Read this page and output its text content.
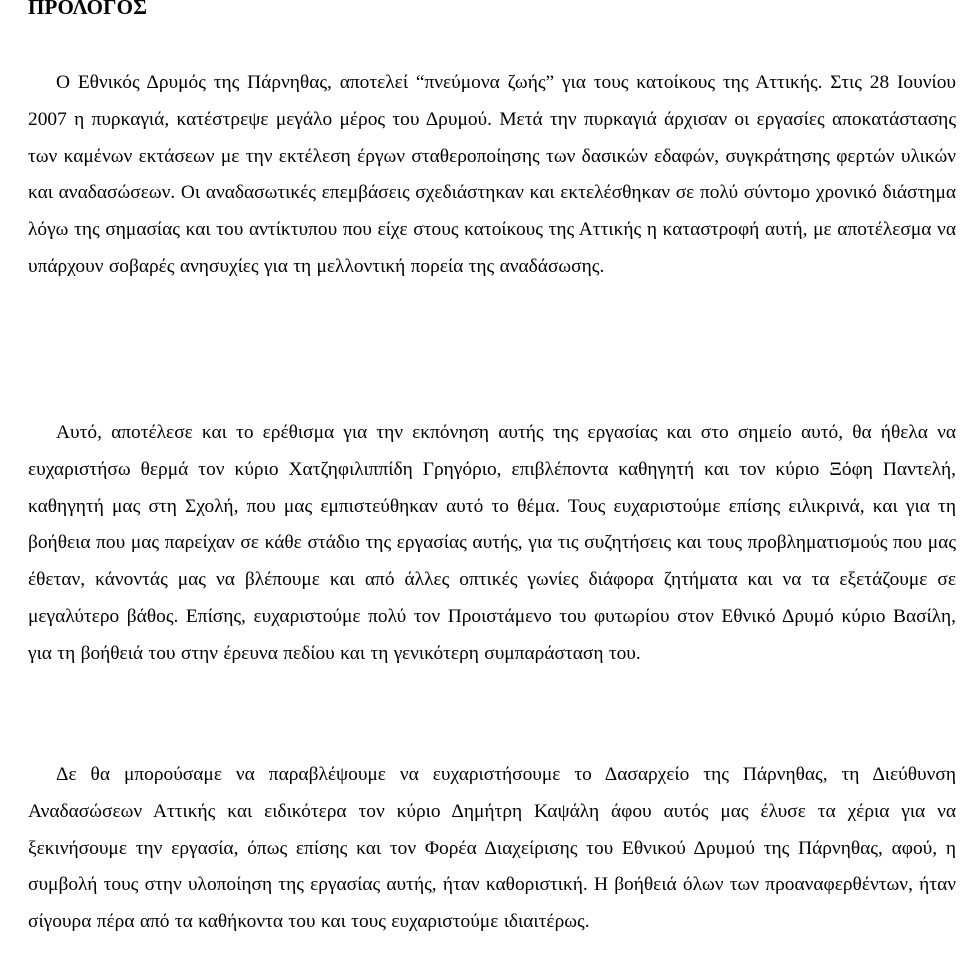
ΠΡΟΛΟΓΟΣ

Ο Εθνικός Δρυμός της Πάρνηθας, αποτελεί “πνεύμονα ζωής” για τους κατοίκους της Αττικής. Στις 28 Ιουνίου 2007 η πυρκαγιά, κατέστρεψε μεγάλο μέρος του Δρυμού. Μετά την πυρκαγιά άρχισαν οι εργασίες αποκατάστασης των καμένων εκτάσεων με την εκτέλεση έργων σταθεροποίησης των δασικών εδαφών, συγκράτησης φερτών υλικών και αναδασώσεων. Οι αναδασωτικές επεμβάσεις σχεδιάστηκαν και εκτελέσθηκαν σε πολύ σύντομο χρονικό διάστημα λόγω της σημασίας και του αντίκτυπου που είχε στους κατοίκους της Αττικής η καταστροφή αυτή, με αποτέλεσμα να υπάρχουν σοβαρές ανησυχίες για τη μελλοντική πορεία της αναδάσωσης.

Αυτό, αποτέλεσε και το ερέθισμα για την εκπόνηση αυτής της εργασίας και στο σημείο αυτό, θα ήθελα να ευχαριστήσω θερμά τον κύριο Χατζηφιλιππίδη Γρηγόριο, επιβλέποντα καθηγητή και τον κύριο Ξόφη Παντελή, καθηγητή μας στη Σχολή, που μας εμπιστεύθηκαν αυτό το θέμα. Τους ευχαριστούμε επίσης ειλικρινά, και για τη βοήθεια που μας παρείχαν σε κάθε στάδιο της εργασίας αυτής, για τις συζητήσεις και τους προβληματισμούς που μας έθεταν, κάνοντάς μας να βλέπουμε και από άλλες οπτικές γωνίες διάφορα ζητήματα και να τα εξετάζουμε σε μεγαλύτερο βάθος. Επίσης, ευχαριστούμε πολύ τον Προιστάμενο του φυτωρίου στον Εθνικό Δρυμό κύριο Βασίλη, για τη βοήθειά του στην έρευνα πεδίου και τη γενικότερη συμπαράσταση του.

Δε θα μπορούσαμε να παραβλέψουμε να ευχαριστήσουμε το Δασαρχείο της Πάρνηθας, τη Διεύθυνση Αναδασώσεων Αττικής και ειδικότερα τον κύριο Δημήτρη Καψάλη άφου αυτός μας έλυσε τα χέρια για να ξεκινήσουμε την εργασία, όπως επίσης και τον Φορέα Διαχείρισης του Εθνικού Δρυμού της Πάρνηθας, αφού, η συμβολή τους στην υλοποίηση της εργασίας αυτής, ήταν καθοριστική. Η βοήθειά όλων των προαναφερθέντων, ήταν σίγουρα πέρα από τα καθήκοντα του και τους ευχαριστούμε ιδιαιτέρως.
